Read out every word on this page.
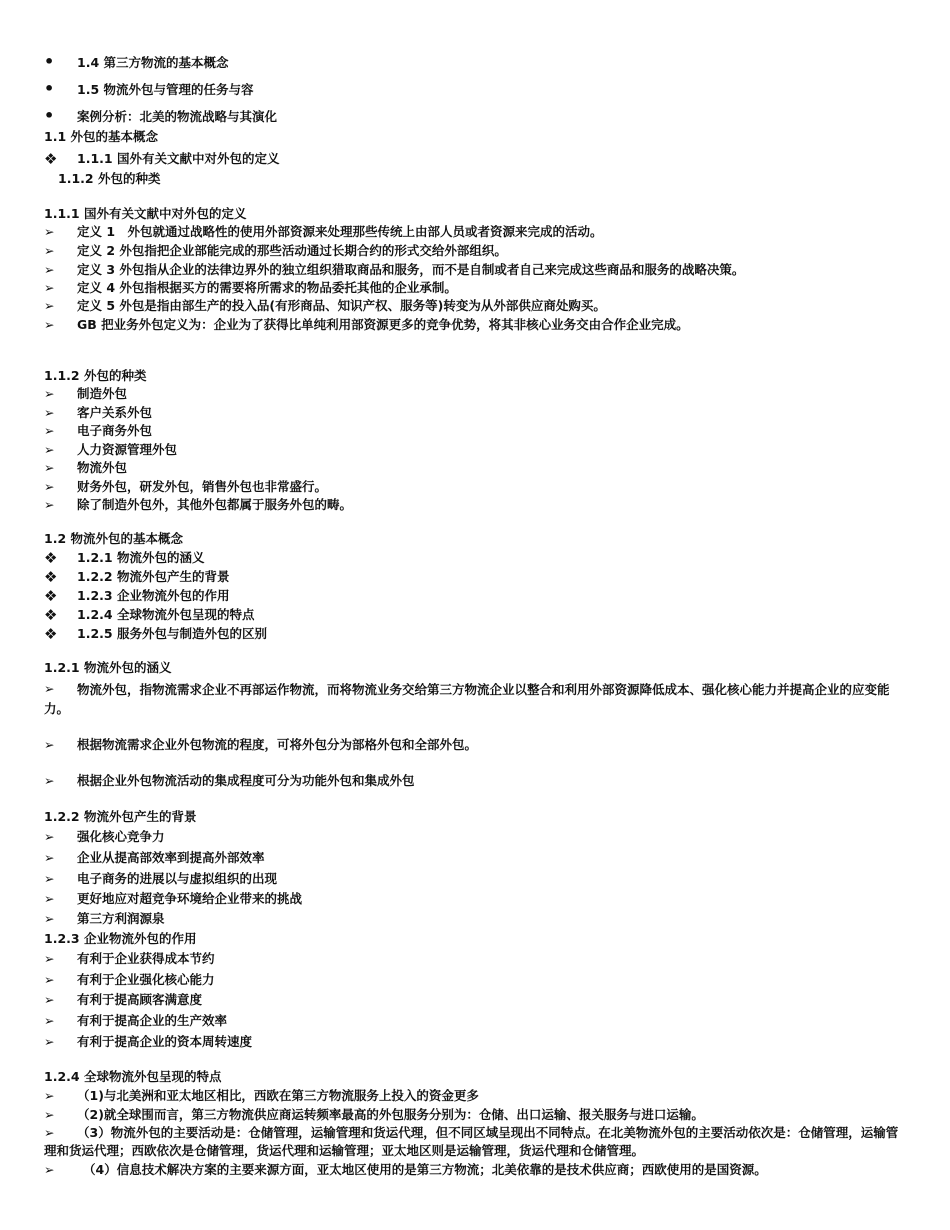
• 1.4 第三方物流的基本概念
• 1.5 物流外包与管理的任务与容
• 案例分析：北美的物流战略与其演化
1.1 外包的基本概念
❖ 1.1.1 国外有关文献中对外包的定义
1.1.2 外包的种类
1.1.1 国外有关文献中对外包的定义
➢ 定义 1　外包就通过战略性的使用外部资源来处理那些传统上由部人员或者资源来完成的活动。
➢ 定义 2 外包指把企业部能完成的那些活动通过长期合约的形式交给外部组织。
➢ 定义 3 外包指从企业的法律边界外的独立组织猎取商品和服务，而不是自制或者自己来完成这些商品和服务的战略决策。
➢ 定义 4 外包指根据买方的需要将所需求的物品委托其他的企业承制。
➢ 定义 5 外包是指由部生产的投入品(有形商品、知识产权、服务等)转变为从外部供应商处购买。
➢ GB 把业务外包定义为：企业为了获得比单纯利用部资源更多的竞争优势，将其非核心业务交由合作企业完成。
1.1.2 外包的种类
➢ 制造外包
➢ 客户关系外包
➢ 电子商务外包
➢ 人力资源管理外包
➢ 物流外包
➢ 财务外包，研发外包，销售外包也非常盛行。
➢ 除了制造外包外，其他外包都属于服务外包的畴。
1.2 物流外包的基本概念
❖ 1.2.1 物流外包的涵义
❖ 1.2.2 物流外包产生的背景
❖ 1.2.3 企业物流外包的作用
❖ 1.2.4 全球物流外包呈现的特点
❖ 1.2.5 服务外包与制造外包的区别
1.2.1 物流外包的涵义
➢	物流外包，指物流需求企业不再部运作物流，而将物流业务交给第三方物流企业以整合和利用外部资源降低成本、强化核心能力并提高企业的应变能力。
➢ 根据物流需求企业外包物流的程度，可将外包分为部格外包和全部外包。
➢ 根据企业外包物流活动的集成程度可分为功能外包和集成外包
1.2.2 物流外包产生的背景
➢ 强化核心竞争力
➢ 企业从提高部效率到提高外部效率
➢ 电子商务的进展以与虚拟组织的出现
➢ 更好地应对超竞争环境给企业带来的挑战
➢ 第三方利润源泉
1.2.3 企业物流外包的作用
➢ 有利于企业获得成本节约
➢ 有利于企业强化核心能力
➢ 有利于提高顾客满意度
➢ 有利于提高企业的生产效率
➢ 有利于提高企业的资本周转速度
1.2.4 全球物流外包呈现的特点
➢ （1)与北美洲和亚太地区相比，西欧在第三方物流服务上投入的资金更多
➢ （2)就全球围而言，第三方物流供应商运转频率最高的外包服务分别为：仓储、出口运输、报关服务与进口运输。
➢	（3）物流外包的主要活动是：仓储管理，运输管理和货运代理，但不同区域呈现出不同特点。在北美物流外包的主要活动依次是：仓储管理，运输管理和货运代理；西欧依次是仓储管理，货运代理和运输管理；亚太地区则是运输管理，货运代理和仓储管理。
➢ （4）信息技术解决方案的主要来源方面，亚太地区使用的是第三方物流；北美依靠的是技术供应商；西欧使用的是国资源。
